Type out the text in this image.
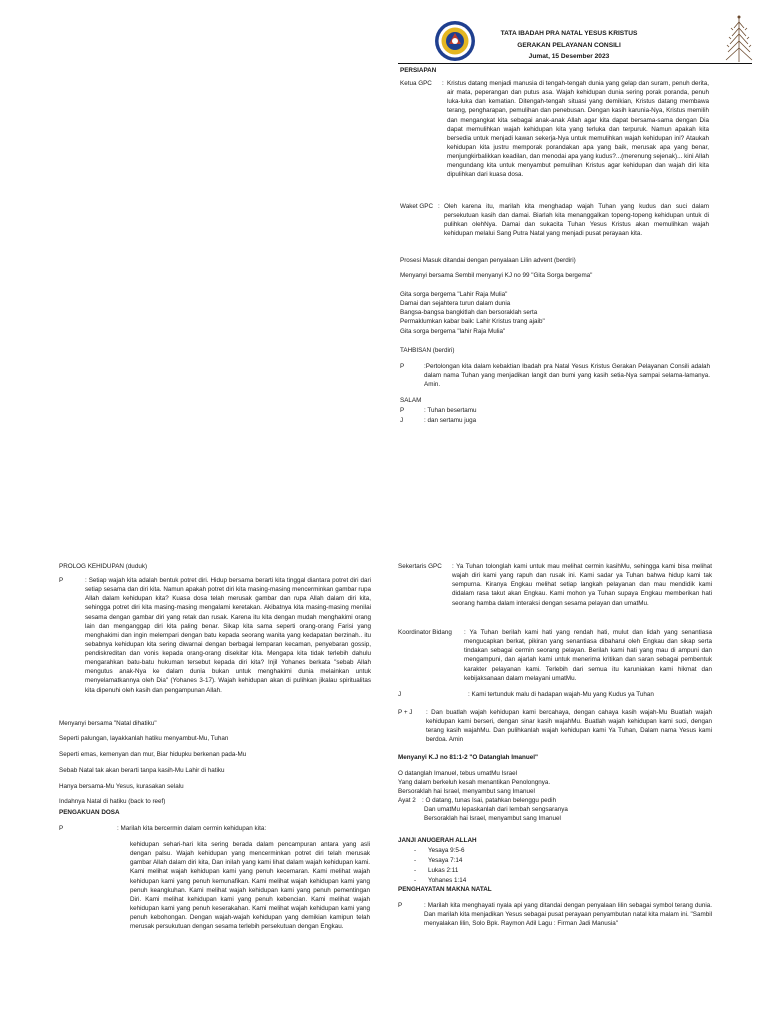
TATA IBADAH PRA NATAL YESUS KRISTUS
GERAKAN PELAYANAN CONSILI
Jumat, 15 Desember 2023
PERSIAPAN
Ketua GPC : Kristus datang menjadi manusia di tengah-tengah dunia yang gelap dan suram, penuh derita, air mata, peperangan dan putus asa. Wajah kehidupan dunia sering porak poranda, penuh luka-luka dan kematian. Ditengah-tengah situasi yang demikian, Kristus datang membawa terang, pengharapan, pemulihan dan penebusan. Dengan kasih karunia-Nya, Kristus memilih dan mengangkat kita sebagai anak-anak Allah agar kita dapat bersama-sama dengan Dia dapat memulihkan wajah kehidupan kita yang terluka dan terpuruk. Namun apakah kita bersedia untuk menjadi kawan sekerja-Nya untuk memulihkan wajah kehidupan ini? Ataukah kehidupan kita justru memporak porandakan apa yang baik, merusak apa yang benar, menjungkirbalikkan keadilan, dan menodai apa yang kudus?...(merenung sejenak)... kini Allah mengundang kita untuk menyambut pemulihan Kristus agar kehidupan dan wajah diri kita dipulihkan dari kuasa dosa.
Waket GPC : Oleh karena itu, marilah kita menghadap wajah Tuhan yang kudus dan suci dalam persekutuan kasih dan damai. Biarlah kita menanggalkan topeng-topeng kehidupan untuk di pulihkan olehNya. Damai dan sukacita Tuhan Yesus Kristus akan memulihkan wajah kehidupan melalui Sang Putra Natal yang menjadi pusat perayaan kita.
Prosesi Masuk ditandai dengan penyalaan Lilin advent (berdiri)
Menyanyi bersama Sembil menyanyi KJ no 99 "Gita Sorga bergema"
Gita sorga bergema "Lahir Raja Mulia"
Damai dan sejahtera turun dalam dunia
Bangsa-bangsa bangkitlah dan bersoraklah serta
Permaklumkan kabar baik: Lahir Kristus trang ajaib"
Gita sorga bergema "lahir Raja Mulia"
TAHBISAN (berdiri)
P	:Pertolongan kita dalam kebaktian Ibadah pra Natal Yesus Kristus Gerakan Pelayanan Consili adalah dalam nama Tuhan yang menjadikan langit dan bumi yang kasih setia-Nya sampai selama-lamanya. Amin.
SALAM
P	: Tuhan besertamu
J	: dan sertamu juga
PROLOG KEHIDUPAN (duduk)
P	: Setiap wajah kita adalah bentuk potret diri. Hidup bersama berarti kita tinggal diantara potret diri dari setiap sesama dan diri kita. Namun apakah potret diri kita masing-masing mencerminkan gambar rupa Allah dalam kehidupan kita? Kuasa dosa telah merusak gambar dan rupa Allah dalam diri kita, sehingga potret diri kita masing-masing mengalami keretakan. Akibatnya kita masing-masing menilai sesama dengan gambar diri yang retak dan rusak. Karena itu kita dengan mudah menghakimi orang lain dan menganggap diri kita paling benar. Sikap kita sama seperti orang-orang Farisi yang menghakimi dan ingin melempari dengan batu kepada seorang wanita yang kedapatan berzinah.. itu sebabnya kehidupan kita sering diwarnai dengan berbagai lemparan kecaman, penyebaran gossip, pendiskreditan dan vonis kepada orang-orang disekitar kita. Mengapa kita tidak terlebih dahulu mengarahkan batu-batu hukuman tersebut kepada diri kita? Injil Yohanes berkata "sebab Allah mengutus anak-Nya ke dalam dunia bukan untuk menghakimi dunia melainkan untuk menyelamatkannya oleh Dia" (Yohanes 3-17). Wajah kehidupan akan di pulihkan jikalau spiritualitas kita dipenuhi oleh kasih dan pengampunan Allah.
Menyanyi bersama "Natal dihatiku"
Seperti palungan, layakkanlah hatiku menyambut-Mu, Tuhan
Seperti emas, kemenyan dan mur, Biar hidupku berkenan pada-Mu
Sebab Natal tak akan berarti tanpa kasih-Mu Lahir di hatiku
Hanya bersama-Mu Yesus, kurasakan selalu
Indahnya Natal di hatiku (back to reef)
PENGAKUAN DOSA
P	: Marilah kita bercermin dalam cermin kehidupan kita:
kehidupan sehari-hari kita sering berada dalam pencampuran antara yang asli dengan palsu. Wajah kehidupan yang mencerminkan potret diri telah merusak gambar Allah dalam diri kita, Dan inilah yang kami lihat dalam wajah kehidupan kami. Kami melihat wajah kehidupan kami yang penuh kecemaran. Kami melihat wajah kehidupan kami yang penuh kemunafikan. Kami melihat wajah kehidupan kami yang penuh keangkuhan. Kami melihat wajah kehidupan kami yang penuh pementingan Diri. Kami melihat kehidupan kami yang penuh kebencian. Kami melihat wajah kehidupan kami yang penuh keserakahan. Kami melihat wajah kehidupan kami yang penuh kebohongan. Dengan wajah-wajah kehidupan yang demikian kamipun telah merusak persukutuan dengan sesama terlebih persekutuan dengan Engkau.
Sekertaris GPC : Ya Tuhan tolonglah kami untuk mau melihat cermin kasihMu, sehingga kami bisa melihat wajah diri kami yang rapuh dan rusak ini. Kami sadar ya Tuhan bahwa hidup kami tak sempurna. Kiranya Engkau melihat setiap langkah pelayanan dan mau mendidik kami didalam rasa takut akan Engkau. Kami mohon ya Tuhan supaya Engkau memberikan hati seorang hamba dalam interaksi dengan sesama pelayan dan umatMu.
Koordinator Bidang : Ya Tuhan berilah kami hati yang rendah hati, mulut dan lidah yang senantiasa mengucapkan berkat, pikiran yang senantiasa dibaharui oleh Engkau dan sikap serta tindakan sebagai cermin seorang pelayan. Berilah kami hati yang mau di ampuni dan mengampuni, dan ajarlah kami untuk menerima kritikan dan saran sebagai pembentuk karakter pelayanan kami. Terlebih dari semua itu karuniakan kami hikmat dan kebijaksanaan dalam melayani umatMu.
J	: Kami tertunduk malu di hadapan wajah-Mu yang Kudus ya Tuhan
P + J : Dan buatlah wajah kehidupan kami bercahaya, dengan cahaya kasih wajah-Mu Buatlah wajah kehidupan kami berseri, dengan sinar kasih wajahMu. Buatlah wajah kehidupan kami suci, dengan terang kasih wajahMu. Dan pulihkanlah wajah kehidupan kami Ya Tuhan, Dalam nama Yesus kami berdoa. Amin
Menyanyi K.J no 81:1-2 "O Datanglah Imanuel"
O datanglah Imanuel, tebus umatMu Israel
Yang dalam berkeluh kesah menantikan Penolongnya.
Bersoraklah hai Israel, menyambut sang Imanuel
Ayat 2 : O datang, tunas Isai, patahkan belenggu pedih
Dan umatMu lepaskanlah dari lembah sengsaranya
Bersoraklah hai Israel, menyambut sang Imanuel
JANJI ANUGERAH ALLAH
- Yesaya 9:5-6
- Yesaya 7:14
- Lukas 2:11
- Yohanes 1:14
PENGHAYATAN MAKNA NATAL
P	: Marilah kita menghayati nyala api yang ditandai dengan penyalaan lilin sebagai symbol terang dunia. Dan marilah kita menjadikan Yesus sebagai pusat perayaan penyambutan natal kita malam ini. "Sambil menyalakan lilin, Solo Bpk. Raymon Adil Lagu : Firman Jadi Manusia"
